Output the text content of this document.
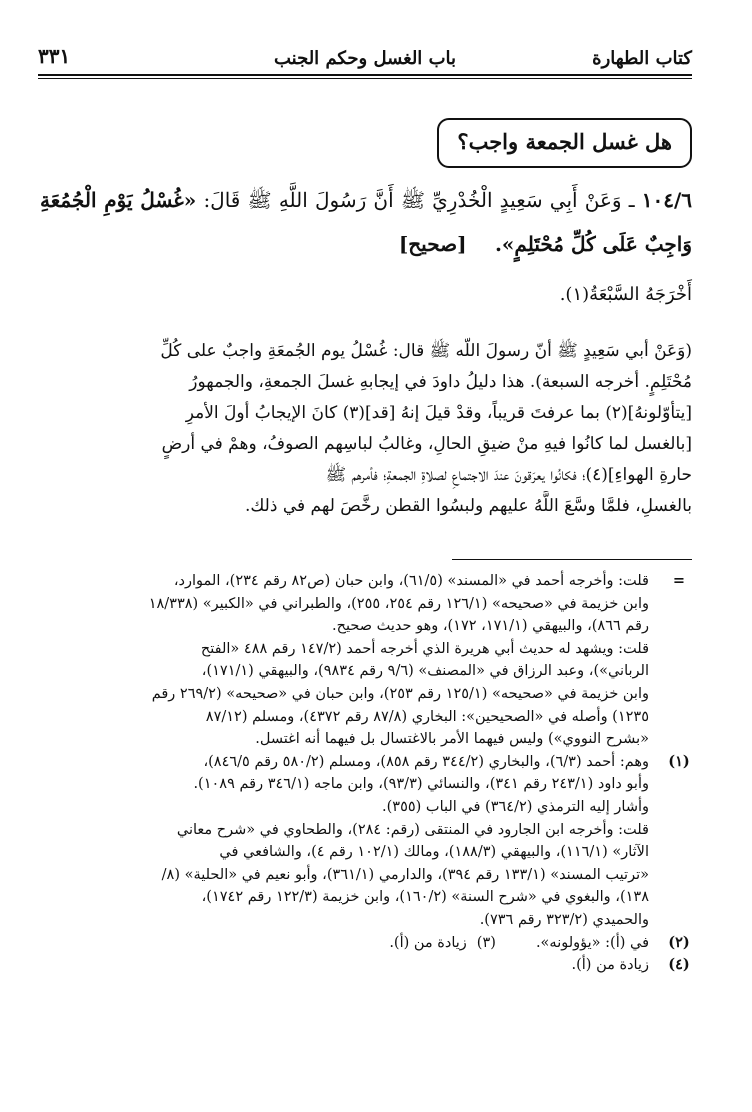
كتاب الطهارة
باب الغسل وحكم الجنب
٣٣١
هل غسل الجمعة واجب؟
١٠٤/٦ ـ وَعَنْ أَبِي سَعِيدٍ الْخُدْرِيِّ ﷺ أَنَّ رَسُولَ اللَّهِ ﷺ قَالَ: «غُسْلُ يَوْمِ الْجُمُعَةِ وَاجِبٌ عَلَى كُلِّ مُحْتَلِمٍ». [صحيح]
أَخْرَجَهُ السَّبْعَةُ(١).
(وَعَنْ أبي سَعِيدٍ ﷺ أنّ رسولَ اللّه ﷺ قال: غُسْلُ يوم الجُمعَةِ واجبٌ على كُلِّ
مُحْتَلِمٍ. أخرجه السبعة). هذا دليلُ داودَ في إيجابهِ غسلَ الجمعةِ، والجمهورُ
[يتأوّلونهُ](٢) بما عرفتَ قريباً، وقدْ قيلَ إنهُ [قد](٣) كانَ الإيجابُ أولَ الأمرِ
[بالغسل لما كانُوا فيهِ منْ ضيقِ الحالِ، وغالبُ لباسِهم الصوفُ، وهمْ في أرضٍ
حارةِ الهواءِ](٤)؛ فكانُوا يعرَقونَ عندَ الاجتماعِ لصلاةِ الجمعةِ؛ فأمرهم ﷺ
بالغسلِ، فلمَّا وسَّعَ اللَّهُ عليهم ولبسُوا القطن رخَّصَ لهم في ذلك.
=
قلت: وأخرجه أحمد في «المسند» (٦١/٥)، وابن حبان (ص٨٢ رقم ٢٣٤)، الموارد،
وابن خزيمة في «صحيحه» (١٢٦/١ رقم ٢٥٤، ٢٥٥)، والطبراني في «الكبير» (١٨/٣٣٨
رقم ٨٦٦)، والبيهقي (١٧١/١، ١٧٢)، وهو حديث صحيح.
قلت: ويشهد له حديث أبي هريرة الذي أخرجه أحمد (١٤٧/٢ رقم ٤٨٨ «الفتح
الرباني»)، وعبد الرزاق في «المصنف» (٩/٦ رقم ٩٨٣٤)، والبيهقي (١٧١/١)،
وابن خزيمة في «صحيحه» (١٢٥/١ رقم ٢٥٣)، وابن حبان في «صحيحه» (٢٦٩/٢ رقم
١٢٣٥) وأصله في «الصحيحين»: البخاري (٨٧/٨ رقم ٤٣٧٢)، ومسلم (٨٧/١٢
«بشرح النووي») وليس فيهما الأمر بالاغتسال بل فيهما أنه اغتسل.
(١)
وهم: أحمد (٦/٣)، والبخاري (٣٤٤/٢ رقم ٨٥٨)، ومسلم (٥٨٠/٢ رقم ٨٤٦/٥)،
وأبو داود (٢٤٣/١ رقم ٣٤١)، والنسائي (٩٣/٣)، وابن ماجه (٣٤٦/١ رقم ١٠٨٩).
وأشار إليه الترمذي (٣٦٤/٢) في الباب (٣٥٥).
قلت: وأخرجه ابن الجارود في المنتقى (رقم: ٢٨٤)، والطحاوي في «شرح معاني
الآثار» (١١٦/١)، والبيهقي (١٨٨/٣)، ومالك (١٠٢/١ رقم ٤)، والشافعي في
«ترتيب المسند» (١٣٣/١ رقم ٣٩٤)، والدارمي (٣٦١/١)، وأبو نعيم في «الحلية» (٨/
١٣٨)، والبغوي في «شرح السنة» (١٦٠/٢)، وابن خزيمة (١٢٢/٣ رقم ١٧٤٢)،
والحميدي (٣٢٣/٢ رقم ٧٣٦).
(٢)
في (أ): «يؤولونه».
(٣)
زيادة من (أ).
(٤)
زيادة من (أ).
